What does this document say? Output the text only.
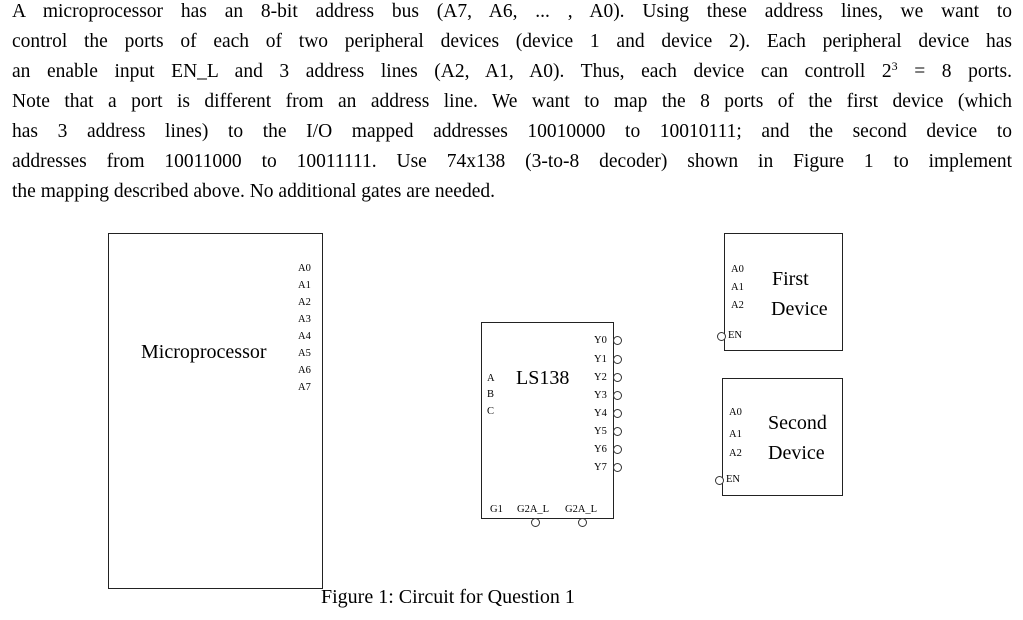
A microprocessor has an 8-bit address bus (A7, A6, ... , A0). Using these address lines, we want to
control the ports of each of two peripheral devices (device 1 and device 2). Each peripheral device has
an enable input EN_L and 3 address lines (A2, A1, A0). Thus, each device can controll $2^3 = 8$ ports.
Note that a port is different from an address line. We want to map the 8 ports of the first device (which
has 3 address lines) to the I/O mapped addresses 10010000 to 10010111; and the second device to
addresses from 10011000 to 10011111. Use 74x138 (3-to-8 decoder) shown in Figure 1 to implement
the mapping described above. No additional gates are needed.
Microprocessor
A0
A1
A2
A3
A4
A5
A6
A7	LS138
A
B
C
Y0
Y1
Y2
Y3
Y4
Y5
Y6
Y7
G1 G2A_L G2A_L
A0
A1
A2
EN
First
Device
A0
A1
A2
EN
Second
Device
Figure 1: Circuit for Question 1
